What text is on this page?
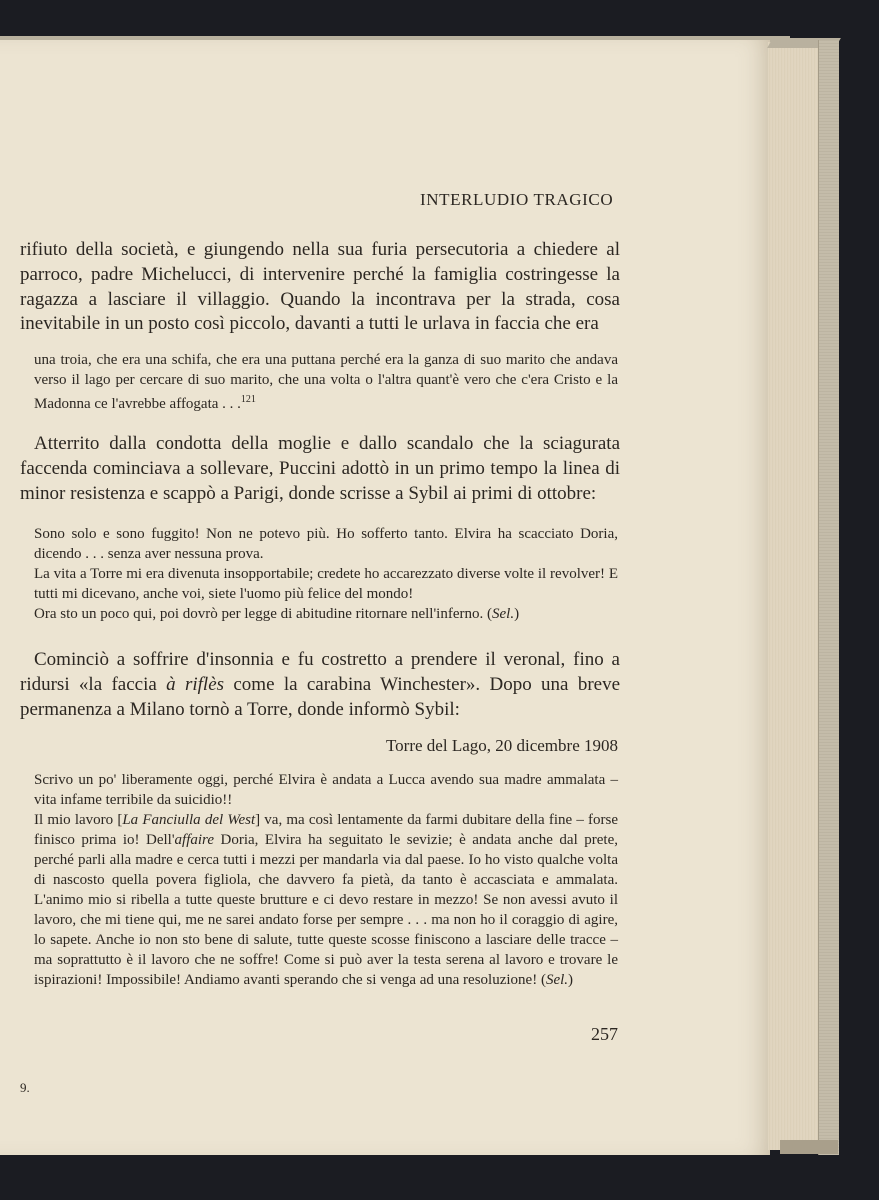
INTERLUDIO TRAGICO
rifiuto della società, e giungendo nella sua furia persecutoria a chiedere al parroco, padre Michelucci, di intervenire perché la famiglia costringesse la ragazza a lasciare il villaggio. Quando la incontrava per la strada, cosa inevitabile in un posto così piccolo, davanti a tutti le urlava in faccia che era
una troia, che era una schifa, che era una puttana perché era la ganza di suo marito che andava verso il lago per cercare di suo marito, che una volta o l'altra quant'è vero che c'era Cristo e la Madonna ce l'avrebbe affogata . . .$^{121}$
Atterrito dalla condotta della moglie e dallo scandalo che la sciagurata faccenda cominciava a sollevare, Puccini adottò in un primo tempo la linea di minor resistenza e scappò a Parigi, donde scrisse a Sybil ai primi di ottobre:

Sono solo e sono fuggito! Non ne potevo più. Ho sofferto tanto. Elvira ha scacciato Doria, dicendo . . . senza aver nessuna prova.

La vita a Torre mi era divenuta insopportabile; credete ho accarezzato diverse volte il revolver! E tutti mi dicevano, anche voi, siete l'uomo più felice del mondo!

Ora sto un poco qui, poi dovrò per legge di abitudine ritornare nell'inferno. (Sel.)

Cominciò a soffrire d'insonnia e fu costretto a prendere il veronal, fino a ridursi «la faccia à riflès come la carabina Winchester». Dopo una breve permanenza a Milano tornò a Torre, donde informò Sybil:
Torre del Lago, 20 dicembre 1908

Scrivo un po' liberamente oggi, perché Elvira è andata a Lucca avendo sua madre ammalata – vita infame terribile da suicidio!!

Il mio lavoro [La Fanciulla del West] va, ma così lentamente da farmi dubitare della fine – forse finisco prima io! Dell'affaire Doria, Elvira ha seguitato le sevizie; è andata anche dal prete, perché parli alla madre e cerca tutti i mezzi per mandarla via dal paese. Io ho visto qualche volta di nascosto quella povera figliola, che davvero fa pietà, da tanto è accasciata e ammalata. L'animo mio si ribella a tutte queste brutture e ci devo restare in mezzo! Se non avessi avuto il lavoro, che mi tiene qui, me ne sarei andato forse per sempre . . . ma non ho il coraggio di agire, lo sapete. Anche io non sto bene di salute, tutte queste scosse finiscono a lasciare delle tracce – ma soprattutto è il lavoro che ne soffre! Come si può aver la testa serena al lavoro e trovare le ispirazioni! Impossibile! Andiamo avanti sperando che si venga ad una resoluzione! (Sel.)

257
9.
